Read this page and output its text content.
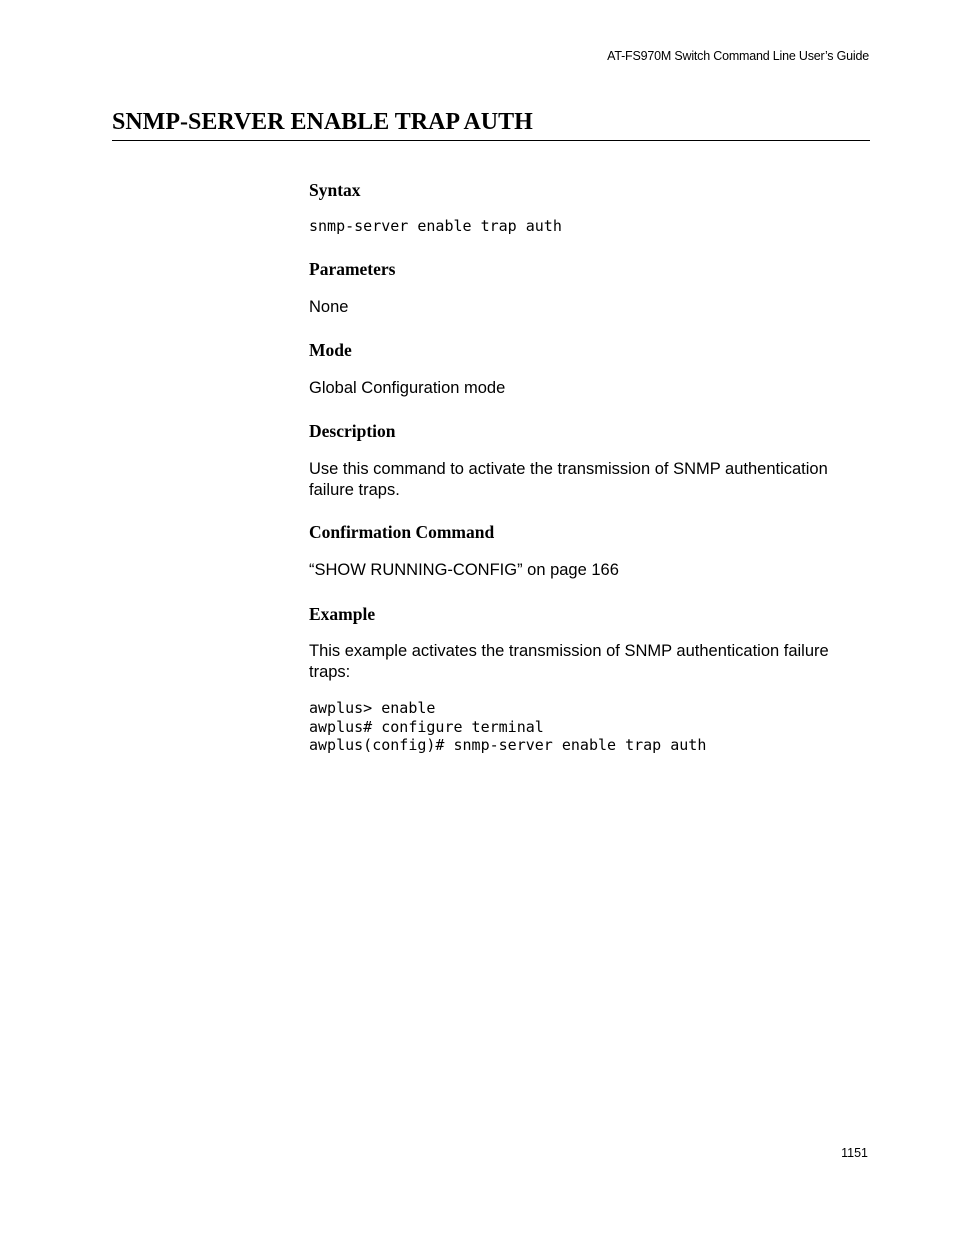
AT-FS970M Switch Command Line User’s Guide
SNMP-SERVER ENABLE TRAP AUTH
Syntax
snmp-server enable trap auth
Parameters

None

Mode

Global Configuration mode

Description

Use this command to activate the transmission of SNMP authentication failure traps.

Confirmation Command

“SHOW RUNNING-CONFIG” on page 166

Example

This example activates the transmission of SNMP authentication failure traps:

awplus> enable
awplus# configure terminal
awplus(config)# snmp-server enable trap auth
1151
